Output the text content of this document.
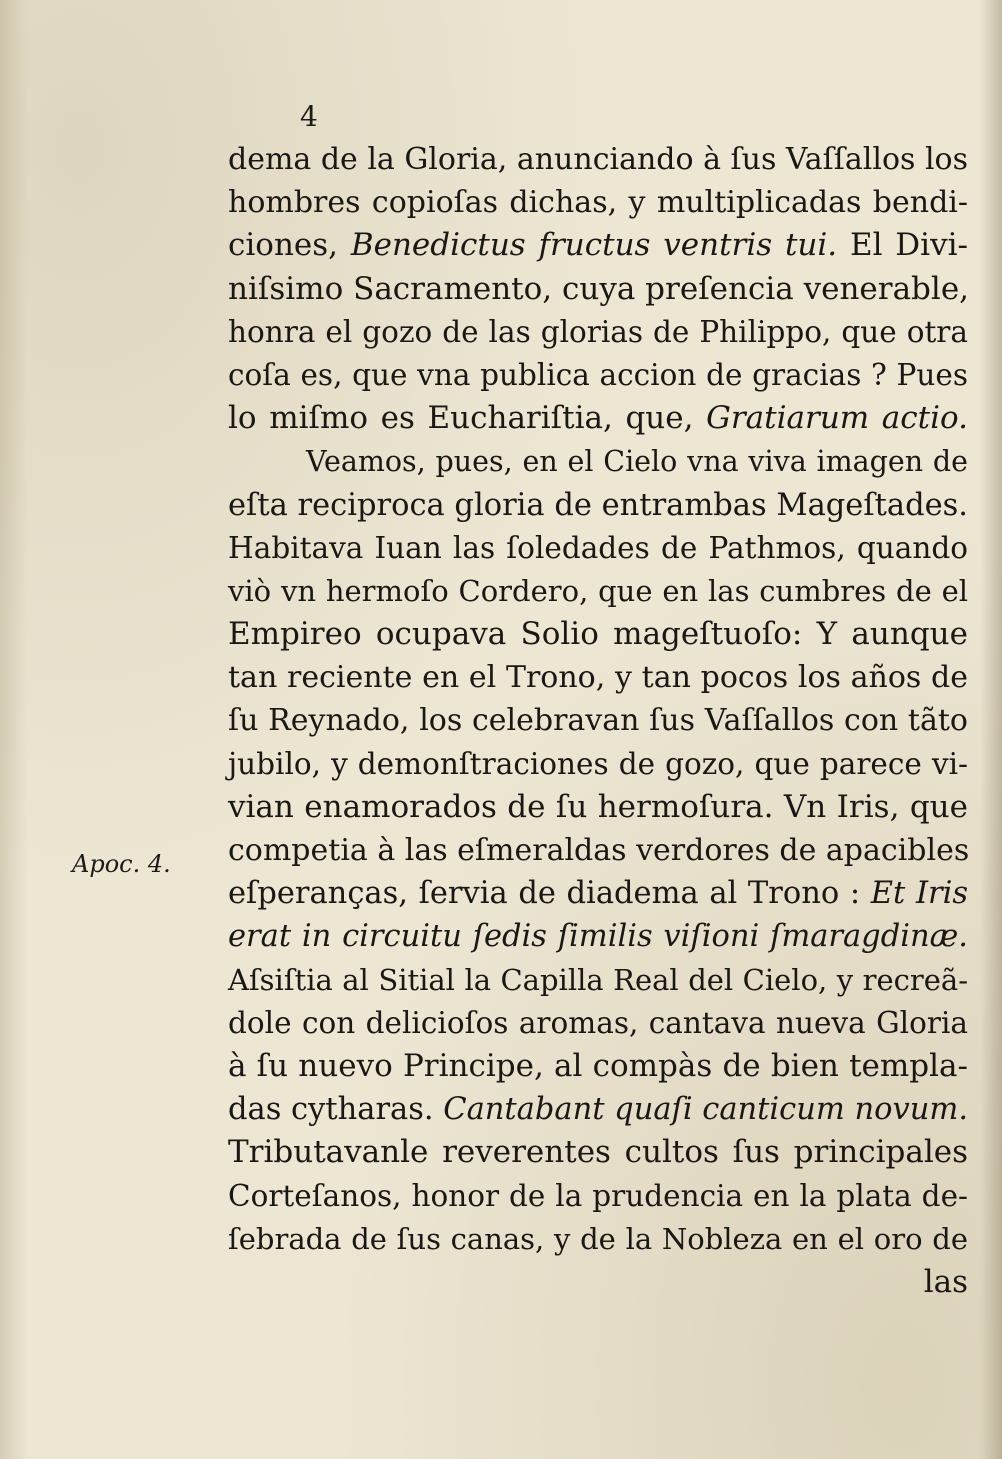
4
Apoc. 4.
dema de la Gloria, anunciando à ſus Vaſſallos los
hombres copioſas dichas, y multiplicadas bendi-
ciones, Benedictus fructus ventris tui. El Divi-
niſsimo Sacramento, cuya preſencia venerable,
honra el gozo de las glorias de Philippo, que otra
coſa es, que vna publica accion de gracias ? Pues
lo miſmo es Euchariſtia, que, Gratiarum actio.
Veamos, pues, en el Cielo vna viva imagen de
eſta reciproca gloria de entrambas Mageſtades.
Habitava Iuan las ſoledades de Pathmos, quando
viò vn hermoſo Cordero, que en las cumbres de el
Empireo ocupava Solio mageſtuoſo: Y aunque
tan reciente en el Trono, y tan pocos los años de
ſu Reynado, los celebravan ſus Vaſſallos con tãto
jubilo, y demonſtraciones de gozo, que parece vi-
vian enamorados de ſu hermoſura. Vn Iris, que
competia à las eſmeraldas verdores de apacibles
eſperanças, ſervia de diadema al Trono : Et Iris
erat in circuitu ſedis ſimilis viſioni ſmaragdinæ.
Aſsiſtia al Sitial la Capilla Real del Cielo, y recreã-
dole con delicioſos aromas, cantava nueva Gloria
à ſu nuevo Principe, al compàs de bien templa-
das cytharas. Cantabant quaſi canticum novum.
Tributavanle reverentes cultos ſus principales
Corteſanos, honor de la prudencia en la plata de-
ſebrada de ſus canas, y de la Nobleza en el oro de
las
